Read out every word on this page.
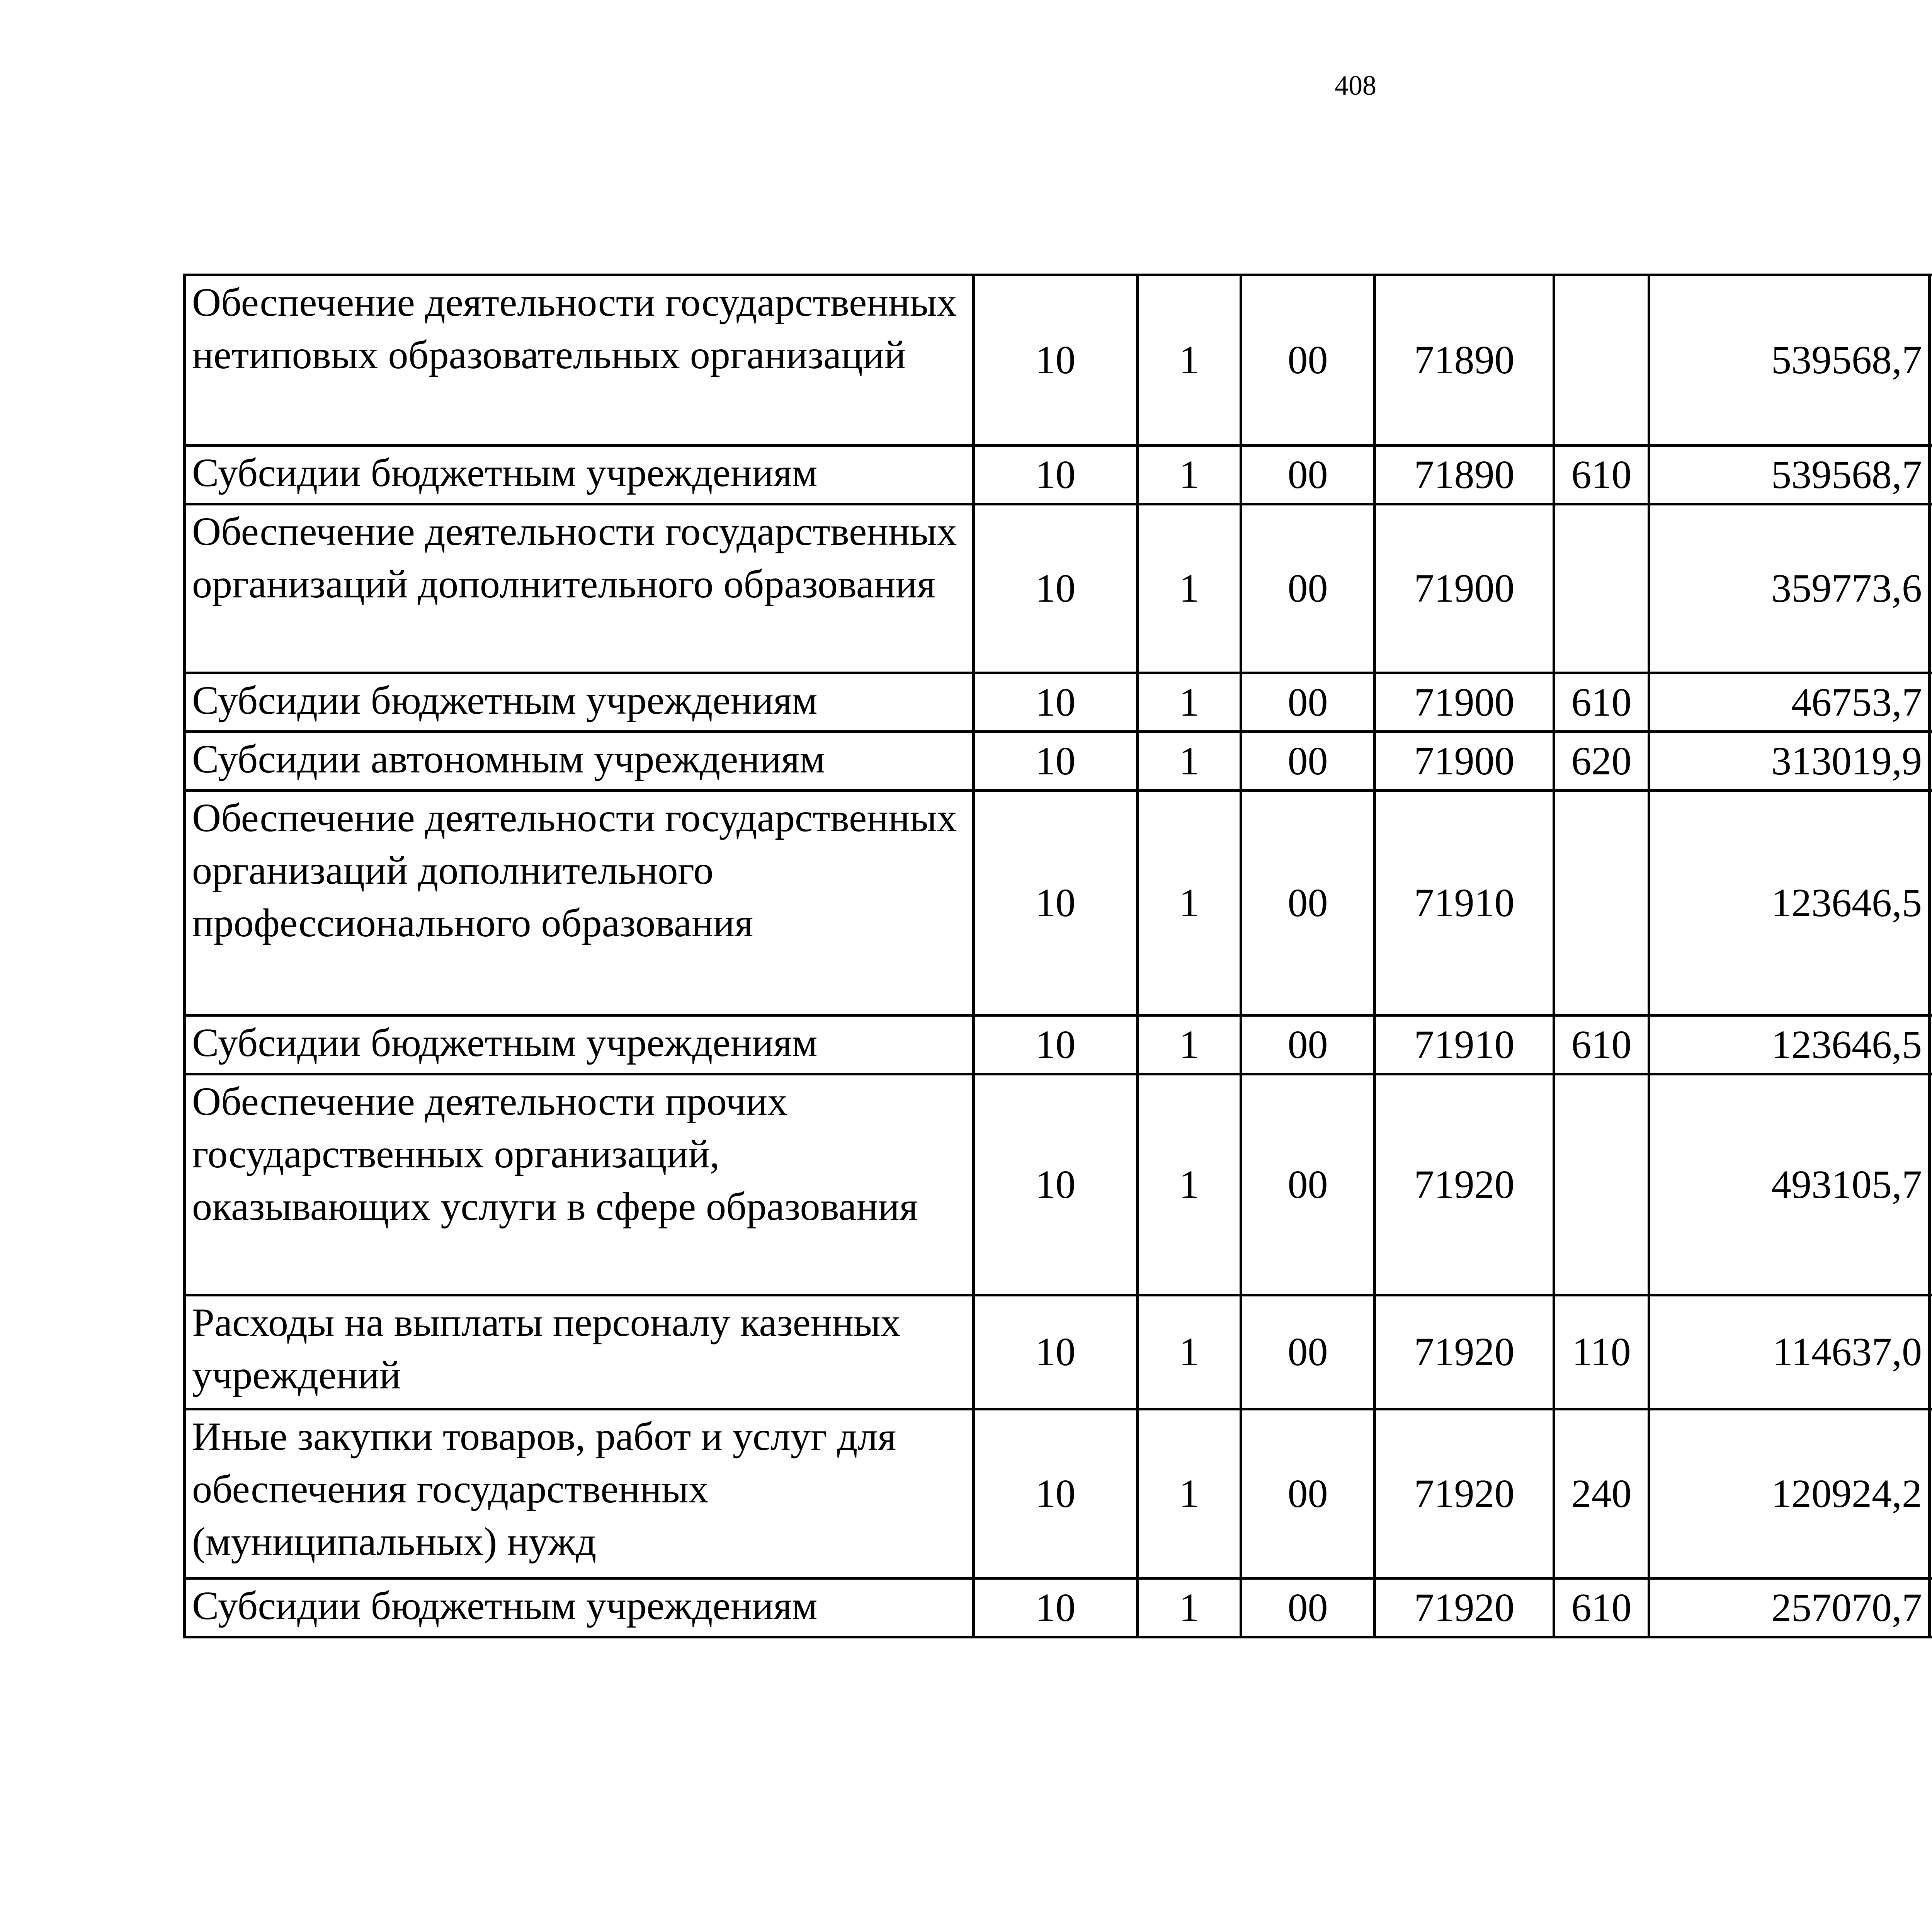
408
Обеспечение деятельности государственных нетиповых образовательных организаций	10	1	00	71890		539568,7		
Субсидии бюджетным учреждениям	10	1	00	71890	610	539568,7		
Обеспечение деятельности государственных организаций дополнительного образования	10	1	00	71900		359773,6		
Субсидии бюджетным учреждениям	10	1	00	71900	610	46753,7		
Субсидии автономным учреждениям	10	1	00	71900	620	313019,9		
Обеспечение деятельности государственных организаций дополнительного профессионального образования	10	1	00	71910		123646,5		
Субсидии бюджетным учреждениям	10	1	00	71910	610	123646,5		
Обеспечение деятельности прочих государственных организаций, оказывающих услуги в сфере образования	10	1	00	71920		493105,7		
Расходы на выплаты персоналу казенных учреждений	10	1	00	71920	110	114637,0		
Иные закупки товаров, работ и услуг для обеспечения государственных (муниципальных) нужд	10	1	00	71920	240	120924,2		
Субсидии бюджетным учреждениям	10	1	00	71920	610	257070,7		
